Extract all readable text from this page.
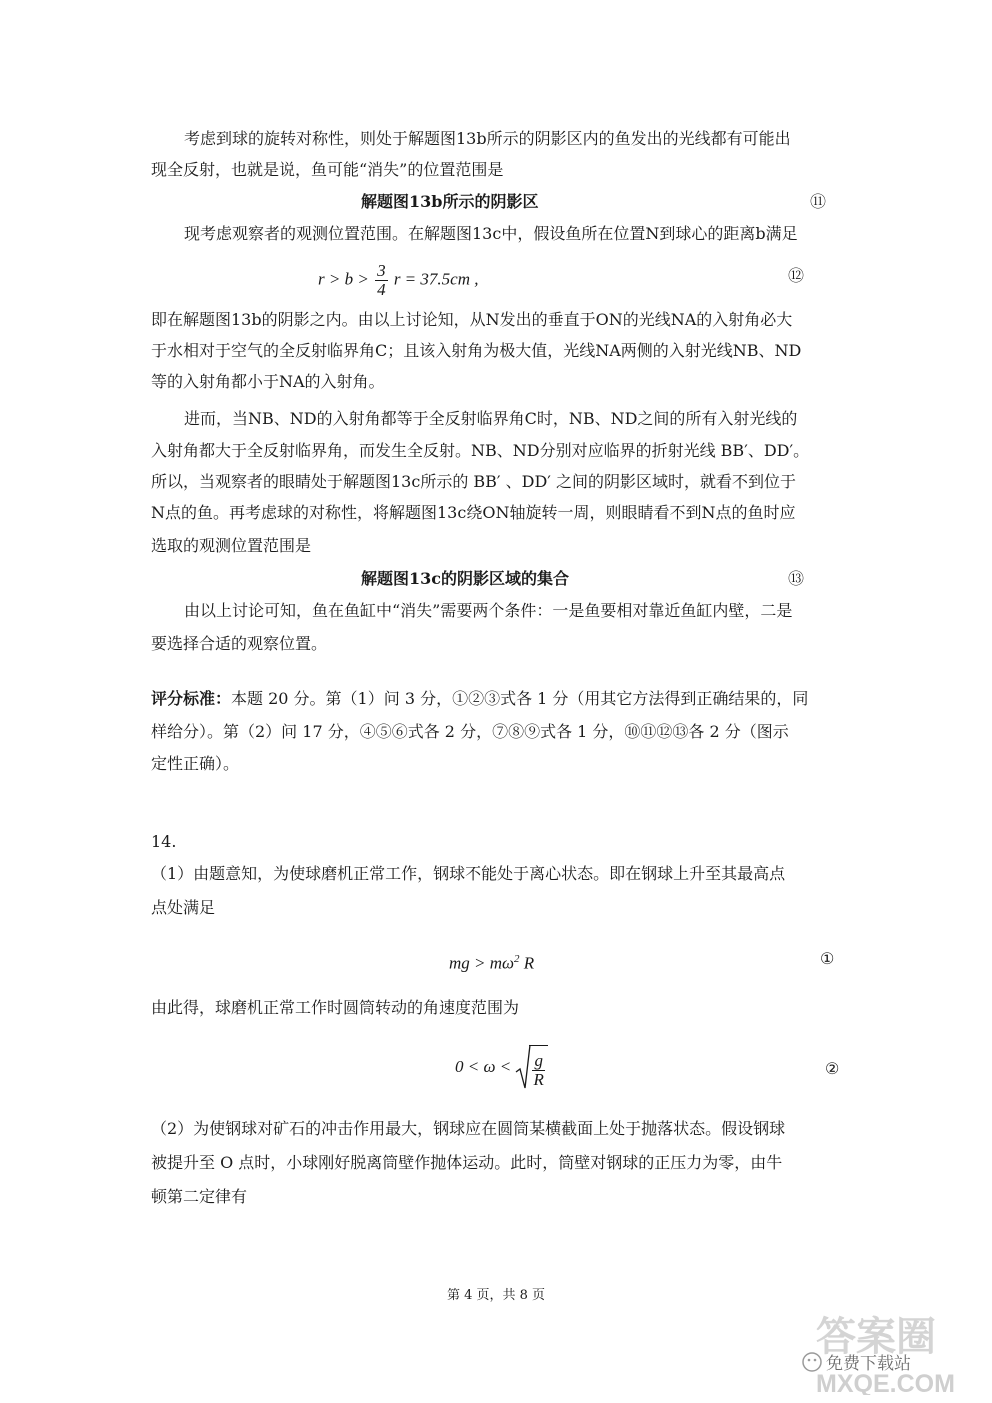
考虑到球的旋转对称性，则处于解题图13b所示的阴影区内的鱼发出的光线都有可能出
现全反射，也就是说，鱼可能“消失”的位置范围是
解题图13b所示的阴影区	⑪
现考虑观察者的观测位置范围。在解题图13c中，假设鱼所在位置N到球心的距离b满足
$r > b > \frac{3}{4}$ r = 37.5cm ,	⑫
即在解题图13b的阴影之内。由以上讨论知，从N发出的垂直于ON的光线NA的入射角必大
于水相对于空气的全反射临界角C；且该入射角为极大值，光线NA两侧的入射光线NB、ND
等的入射角都小于NA的入射角。
进而，当NB、ND的入射角都等于全反射临界角C时，NB、ND之间的所有入射光线的
入射角都大于全反射临界角，而发生全反射。NB、ND分别对应临界的折射光线 BB′、DD′。
所以，当观察者的眼睛处于解题图13c所示的 BB′ 、DD′ 之间的阴影区域时，就看不到位于
N点的鱼。再考虑球的对称性，将解题图13c绕ON轴旋转一周，则眼睛看不到N点的鱼时应
选取的观测位置范围是
解题图13c的阴影区域的集合	⑬
由以上讨论可知，鱼在鱼缸中“消失”需要两个条件：一是鱼要相对靠近鱼缸内壁，二是
要选择合适的观察位置。
评分标准：本题 20 分。第（1）问 3 分，①②③式各 1 分（用其它方法得到正确结果的，同
样给分）。第（2）问 17 分，④⑤⑥式各 2 分，⑦⑧⑨式各 1 分，⑩⑪⑫⑬各 2 分（图示
定性正确）。
14.
（1）由题意知，为使球磨机正常工作，钢球不能处于离心状态。即在钢球上升至其最高点
点处满足
mg > $m\omega^2$ R	①
由此得，球磨机正常工作时圆筒转动的角速度范围为
$0 < \omega < \frac{g}{R}$	②
（2）为使钢球对矿石的冲击作用最大，钢球应在圆筒某横截面上处于抛落状态。假设钢球
被提升至 O 点时，小球刚好脱离筒壁作抛体运动。此时，筒壁对钢球的正压力为零，由牛
顿第二定律有
第 4 页，共 8 页
答案圈
免费下载站
MXQE.COM
